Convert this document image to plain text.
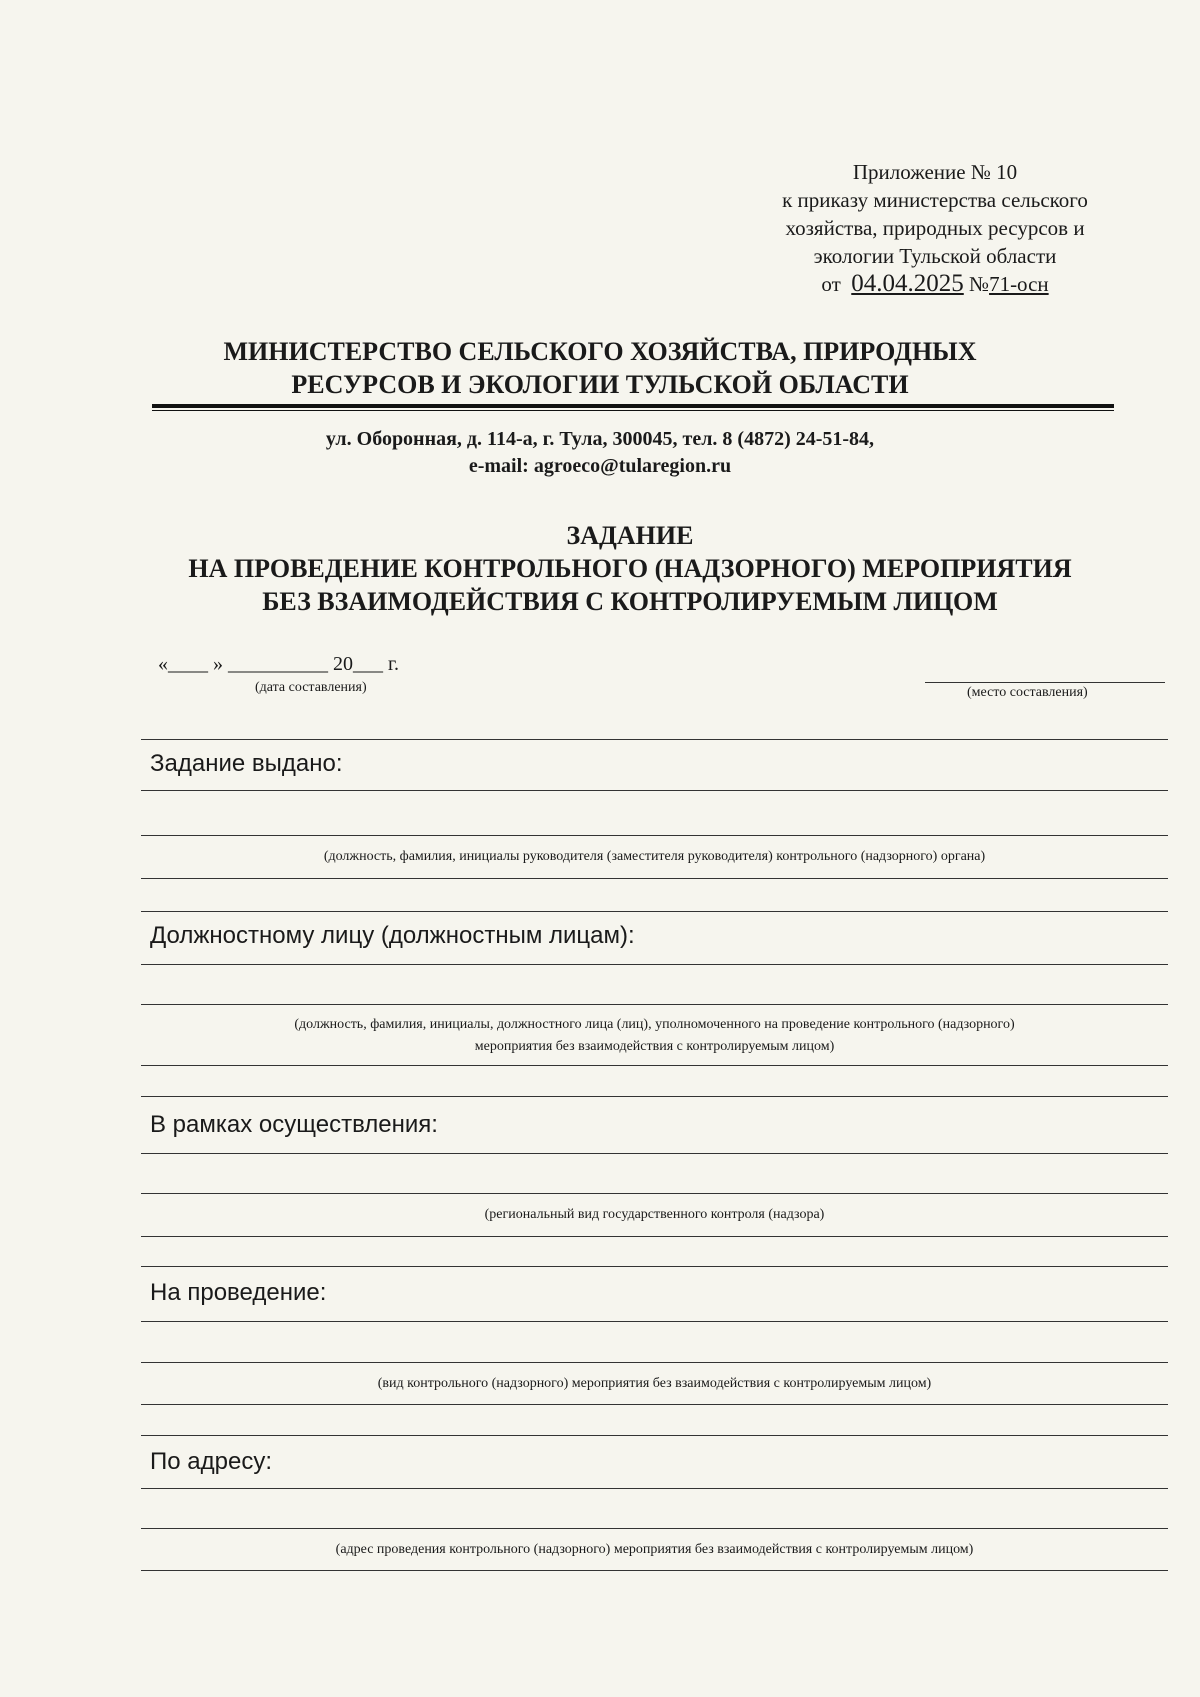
Приложение № 10
к приказу министерства сельского
хозяйства, природных ресурсов и
экологии Тульской области
от 04.04.2025 №71-осн
МИНИСТЕРСТВО СЕЛЬСКОГО ХОЗЯЙСТВА, ПРИРОДНЫХ
РЕСУРСОВ И ЭКОЛОГИИ ТУЛЬСКОЙ ОБЛАСТИ
ул. Оборонная, д. 114-а, г. Тула, 300045, тел. 8 (4872) 24-51-84,
e-mail: agroeco@tularegion.ru
ЗАДАНИЕ
НА ПРОВЕДЕНИЕ КОНТРОЛЬНОГО (НАДЗОРНОГО) МЕРОПРИЯТИЯ
БЕЗ ВЗАИМОДЕЙСТВИЯ С КОНТРОЛИРУЕМЫМ ЛИЦОМ
«____ » __________ 20___ г.
(дата составления)	(место составления)
Задание выдано:
(должность, фамилия, инициалы руководителя (заместителя руководителя) контрольного (надзорного) органа)
Должностному лицу (должностным лицам):
(должность, фамилия, инициалы, должностного лица (лиц), уполномоченного на проведение контрольного (надзорного)
мероприятия без взаимодействия с контролируемым лицом)
В рамках осуществления:
(региональный вид государственного контроля (надзора)
На проведение:
(вид контрольного (надзорного) мероприятия без взаимодействия с контролируемым лицом)
По адресу:
(адрес проведения контрольного (надзорного) мероприятия без взаимодействия с контролируемым лицом)
